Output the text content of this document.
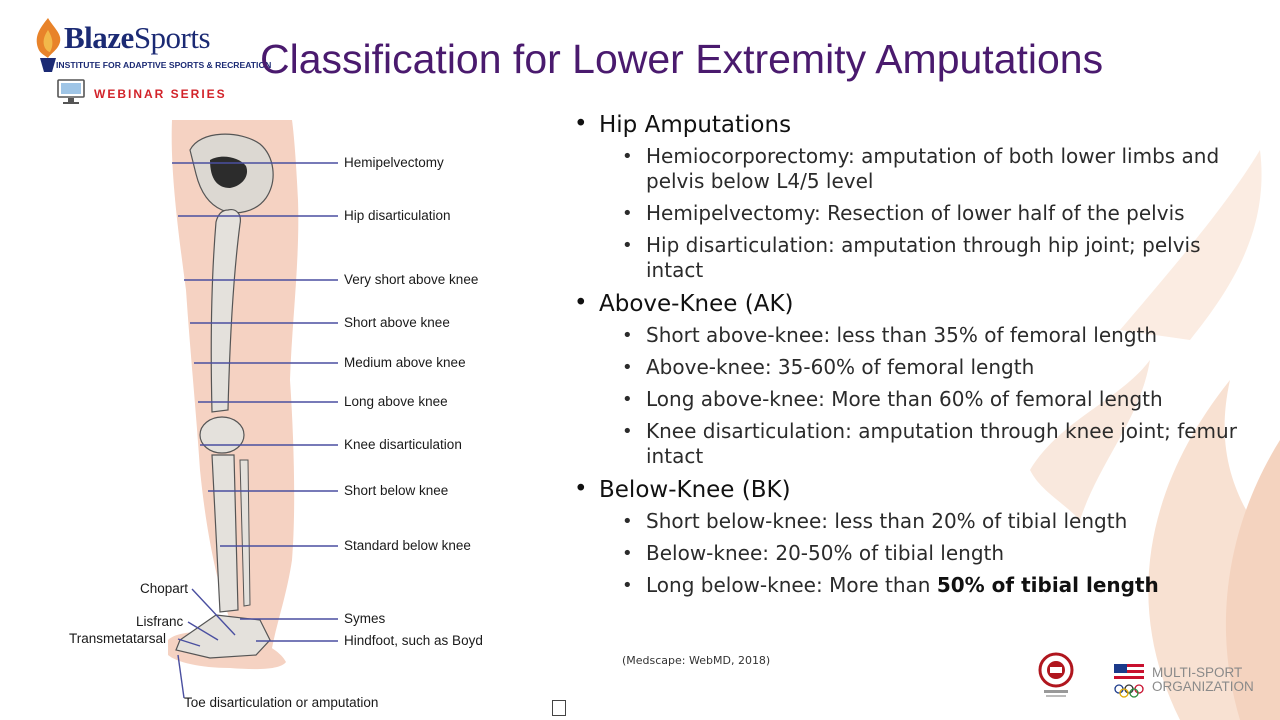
BlazeSports
INSTITUTE FOR ADAPTIVE SPORTS & RECREATION
WEBINAR SERIES
Classification for Lower Extremity Amputations
Hemipelvectomy
Hip disarticulation
Very short above knee
Short above knee
Medium above knee
Long above knee
Knee disarticulation
Short below knee
Standard below knee
Symes
Hindfoot, such as Boyd
Chopart
Lisfranc
Transmetatarsal
Toe disarticulation or amputation
• Hip Amputations
• Hemiocorporectomy: amputation of both lower limbs and pelvis below L4/5 level
• Hemipelvectomy: Resection of lower half of the pelvis
• Hip disarticulation: amputation through hip joint; pelvis intact
• Above-Knee (AK)
• Short above-knee: less than 35% of femoral length
• Above-knee: 35-60% of femoral length
• Long above-knee: More than 60% of femoral length
• Knee disarticulation: amputation through knee joint; femur intact
• Below-Knee (BK)
• Short below-knee: less than 20% of tibial length
• Below-knee: 20-50% of tibial length
• Long below-knee: More than 50% of tibial length
(Medscape: WebMD, 2018)
MULTI-SPORT
ORGANIZATION
